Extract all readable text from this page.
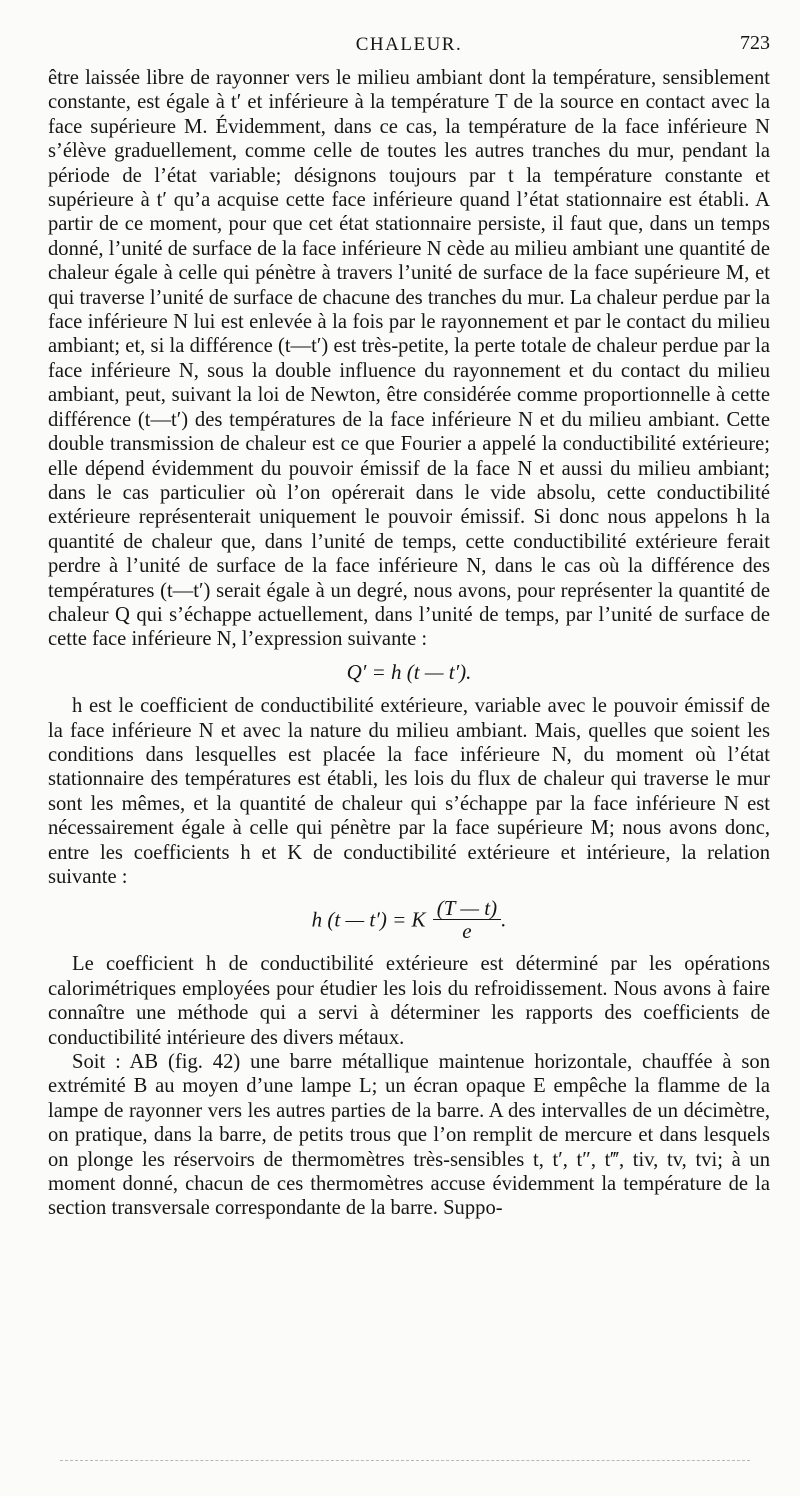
CHALEUR.	723

être laissée libre de rayonner vers le milieu ambiant dont la température, sensiblement constante, est égale à t′ et inférieure à la température T de la source en contact avec la face supérieure M. Évidemment, dans ce cas, la température de la face inférieure N s’élève graduellement, comme celle de toutes les autres tranches du mur, pendant la période de l’état variable; désignons toujours par t la température constante et supérieure à t′ qu’a acquise cette face inférieure quand l’état stationnaire est établi. A partir de ce moment, pour que cet état stationnaire persiste, il faut que, dans un temps donné, l’unité de surface de la face inférieure N cède au milieu ambiant une quantité de chaleur égale à celle qui pénètre à travers l’unité de surface de la face supérieure M, et qui traverse l’unité de surface de chacune des tranches du mur. La chaleur perdue par la face inférieure N lui est enlevée à la fois par le rayonnement et par le contact du milieu ambiant; et, si la différence (t—t′) est très-petite, la perte totale de chaleur perdue par la face inférieure N, sous la double influence du rayonnement et du contact du milieu ambiant, peut, suivant la loi de Newton, être considérée comme proportionnelle à cette différence (t—t′) des températures de la face inférieure N et du milieu ambiant. Cette double transmission de chaleur est ce que Fourier a appelé la conductibilité extérieure; elle dépend évidemment du pouvoir émissif de la face N et aussi du milieu ambiant; dans le cas particulier où l’on opérerait dans le vide absolu, cette conductibilité extérieure représenterait uniquement le pouvoir émissif. Si donc nous appelons h la quantité de chaleur que, dans l’unité de temps, cette conductibilité extérieure ferait perdre à l’unité de surface de la face inférieure N, dans le cas où la différence des températures (t—t′) serait égale à un degré, nous avons, pour représenter la quantité de chaleur Q qui s’échappe actuellement, dans l’unité de temps, par l’unité de surface de cette face inférieure N, l’expression suivante :

Q′ = h (t — t′).

h est le coefficient de conductibilité extérieure, variable avec le pouvoir émissif de la face inférieure N et avec la nature du milieu ambiant. Mais, quelles que soient les conditions dans lesquelles est placée la face inférieure N, du moment où l’état stationnaire des températures est établi, les lois du flux de chaleur qui traverse le mur sont les mêmes, et la quantité de chaleur qui s’échappe par la face inférieure N est nécessairement égale à celle qui pénètre par la face supérieure M; nous avons donc, entre les coefficients h et K de conductibilité extérieure et intérieure, la relation suivante :

h (t — t′) = K $\frac{(T — t)}{e}$ .

Le coefficient h de conductibilité extérieure est déterminé par les opérations calorimétriques employées pour étudier les lois du refroidissement. Nous avons à faire connaître une méthode qui a servi à déterminer les rapports des coefficients de conductibilité intérieure des divers métaux.

Soit : AB (fig. 42) une barre métallique maintenue horizontale, chauffée à son extrémité B au moyen d’une lampe L; un écran opaque E empêche la flamme de la lampe de rayonner vers les autres parties de la barre. A des intervalles de un décimètre, on pratique, dans la barre, de petits trous que l’on remplit de mercure et dans lesquels on plonge les réservoirs de thermomètres très-sensibles t, t′, t″, t‴, tiv, tv, tvi; à un moment donné, chacun de ces thermomètres accuse évidemment la température de la section transversale correspondante de la barre. Suppo-
